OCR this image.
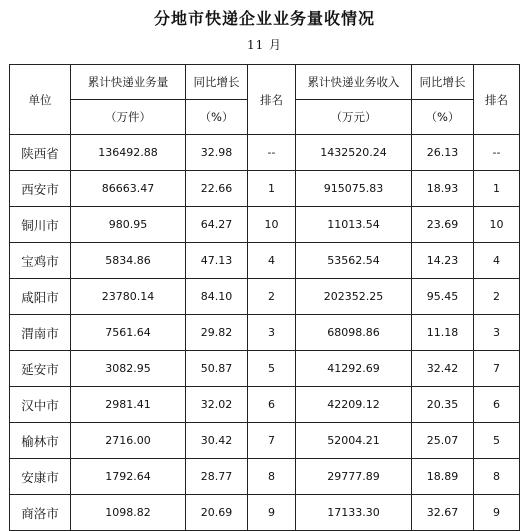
分地市快递企业业务量收情况
11 月
单位	累计快递业务量	同比增长	排名	累计快递业务收入	同比增长	排名
	（万件）	（%）		（万元）	（%）	
陕西省	136492.88	32.98	--	1432520.24	26.13	--
西安市	86663.47	22.66	1	915075.83	18.93	1
铜川市	980.95	64.27	10	11013.54	23.69	10
宝鸡市	5834.86	47.13	4	53562.54	14.23	4
咸阳市	23780.14	84.10	2	202352.25	95.45	2
渭南市	7561.64	29.82	3	68098.86	11.18	3
延安市	3082.95	50.87	5	41292.69	32.42	7
汉中市	2981.41	32.02	6	42209.12	20.35	6
榆林市	2716.00	30.42	7	52004.21	25.07	5
安康市	1792.64	28.77	8	29777.89	18.89	8
商洛市	1098.82	20.69	9	17133.30	32.67	9
